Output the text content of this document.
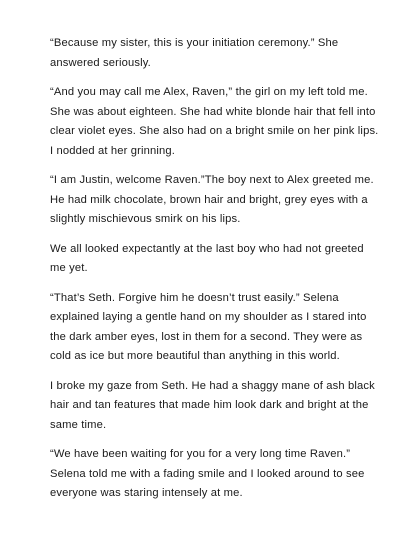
“Because my sister, this is your initiation ceremony.” She
answered seriously.

“And you may call me Alex, Raven,” the girl on my left told me.
She was about eighteen. She had white blonde hair that fell into
clear violet eyes. She also had on a bright smile on her pink lips.
I nodded at her grinning.

“I am Justin, welcome Raven.”The boy next to Alex greeted me.
He had milk chocolate, brown hair and bright, grey eyes with a
slightly mischievous smirk on his lips.

We all looked expectantly at the last boy who had not greeted
me yet.

“That’s Seth. Forgive him he doesn’t trust easily.” Selena
explained laying a gentle hand on my shoulder as I stared into
the dark amber eyes, lost in them for a second. They were as
cold as ice but more beautiful than anything in this world.

I broke my gaze from Seth. He had a shaggy mane of ash black
hair and tan features that made him look dark and bright at the
same time.

“We have been waiting for you for a very long time Raven.”
Selena told me with a fading smile and I looked around to see
everyone was staring intensely at me.
